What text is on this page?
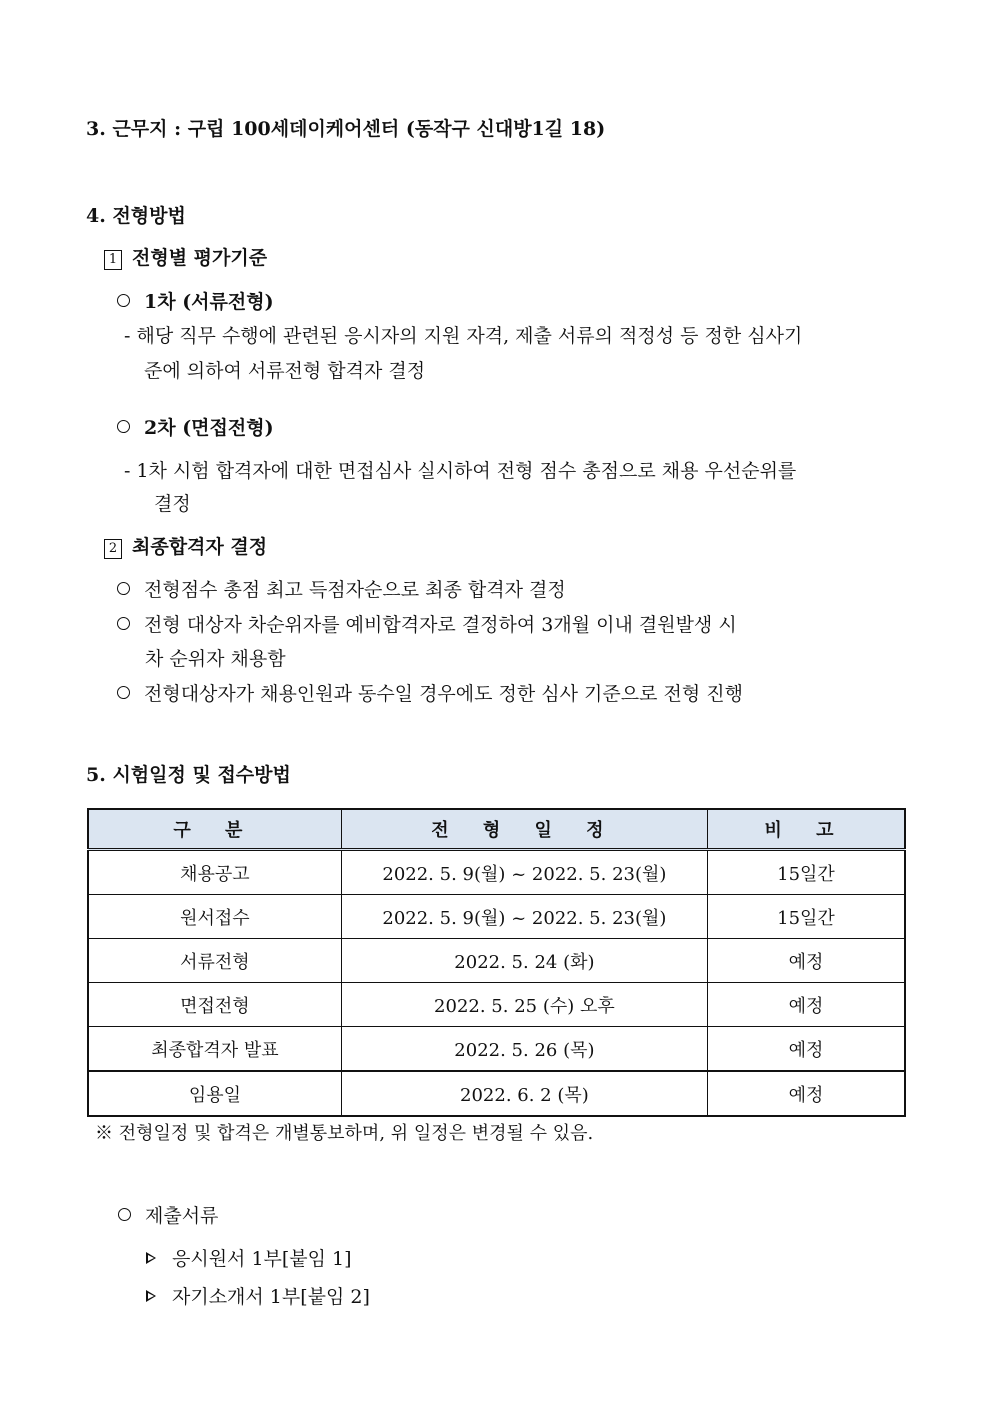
3. 근무지 : 구립 100세데이케어센터 (동작구 신대방1길 18)
4. 전형방법
1 전형별 평가기준
1차 (서류전형)
- 해당 직무 수행에 관련된 응시자의 지원 자격, 제출 서류의 적정성 등 정한 심사기
준에 의하여 서류전형 합격자 결정
2차 (면접전형)
- 1차 시험 합격자에 대한 면접심사 실시하여 전형 점수 총점으로 채용 우선순위를
결정
2 최종합격자 결정
전형점수 총점 최고 득점자순으로 최종 합격자 결정
전형 대상자 차순위자를 예비합격자로 결정하여 3개월 이내 결원발생 시
차 순위자 채용함
전형대상자가 채용인원과 동수일 경우에도 정한 심사 기준으로 전형 진행
5. 시험일정 및 접수방법
구 분	전 형 일 정	비 고
채용공고	2022. 5. 9(월) ~ 2022. 5. 23(월)	15일간
원서접수	2022. 5. 9(월) ~ 2022. 5. 23(월)	15일간
서류전형	2022. 5. 24 (화)	예정
면접전형	2022. 5. 25 (수) 오후	예정
최종합격자 발표	2022. 5. 26 (목)	예정
임용일	2022. 6. 2 (목)	예정
※ 전형일정 및 합격은 개별통보하며, 위 일정은 변경될 수 있음.
제출서류
응시원서 1부[붙임 1]
자기소개서 1부[붙임 2]
